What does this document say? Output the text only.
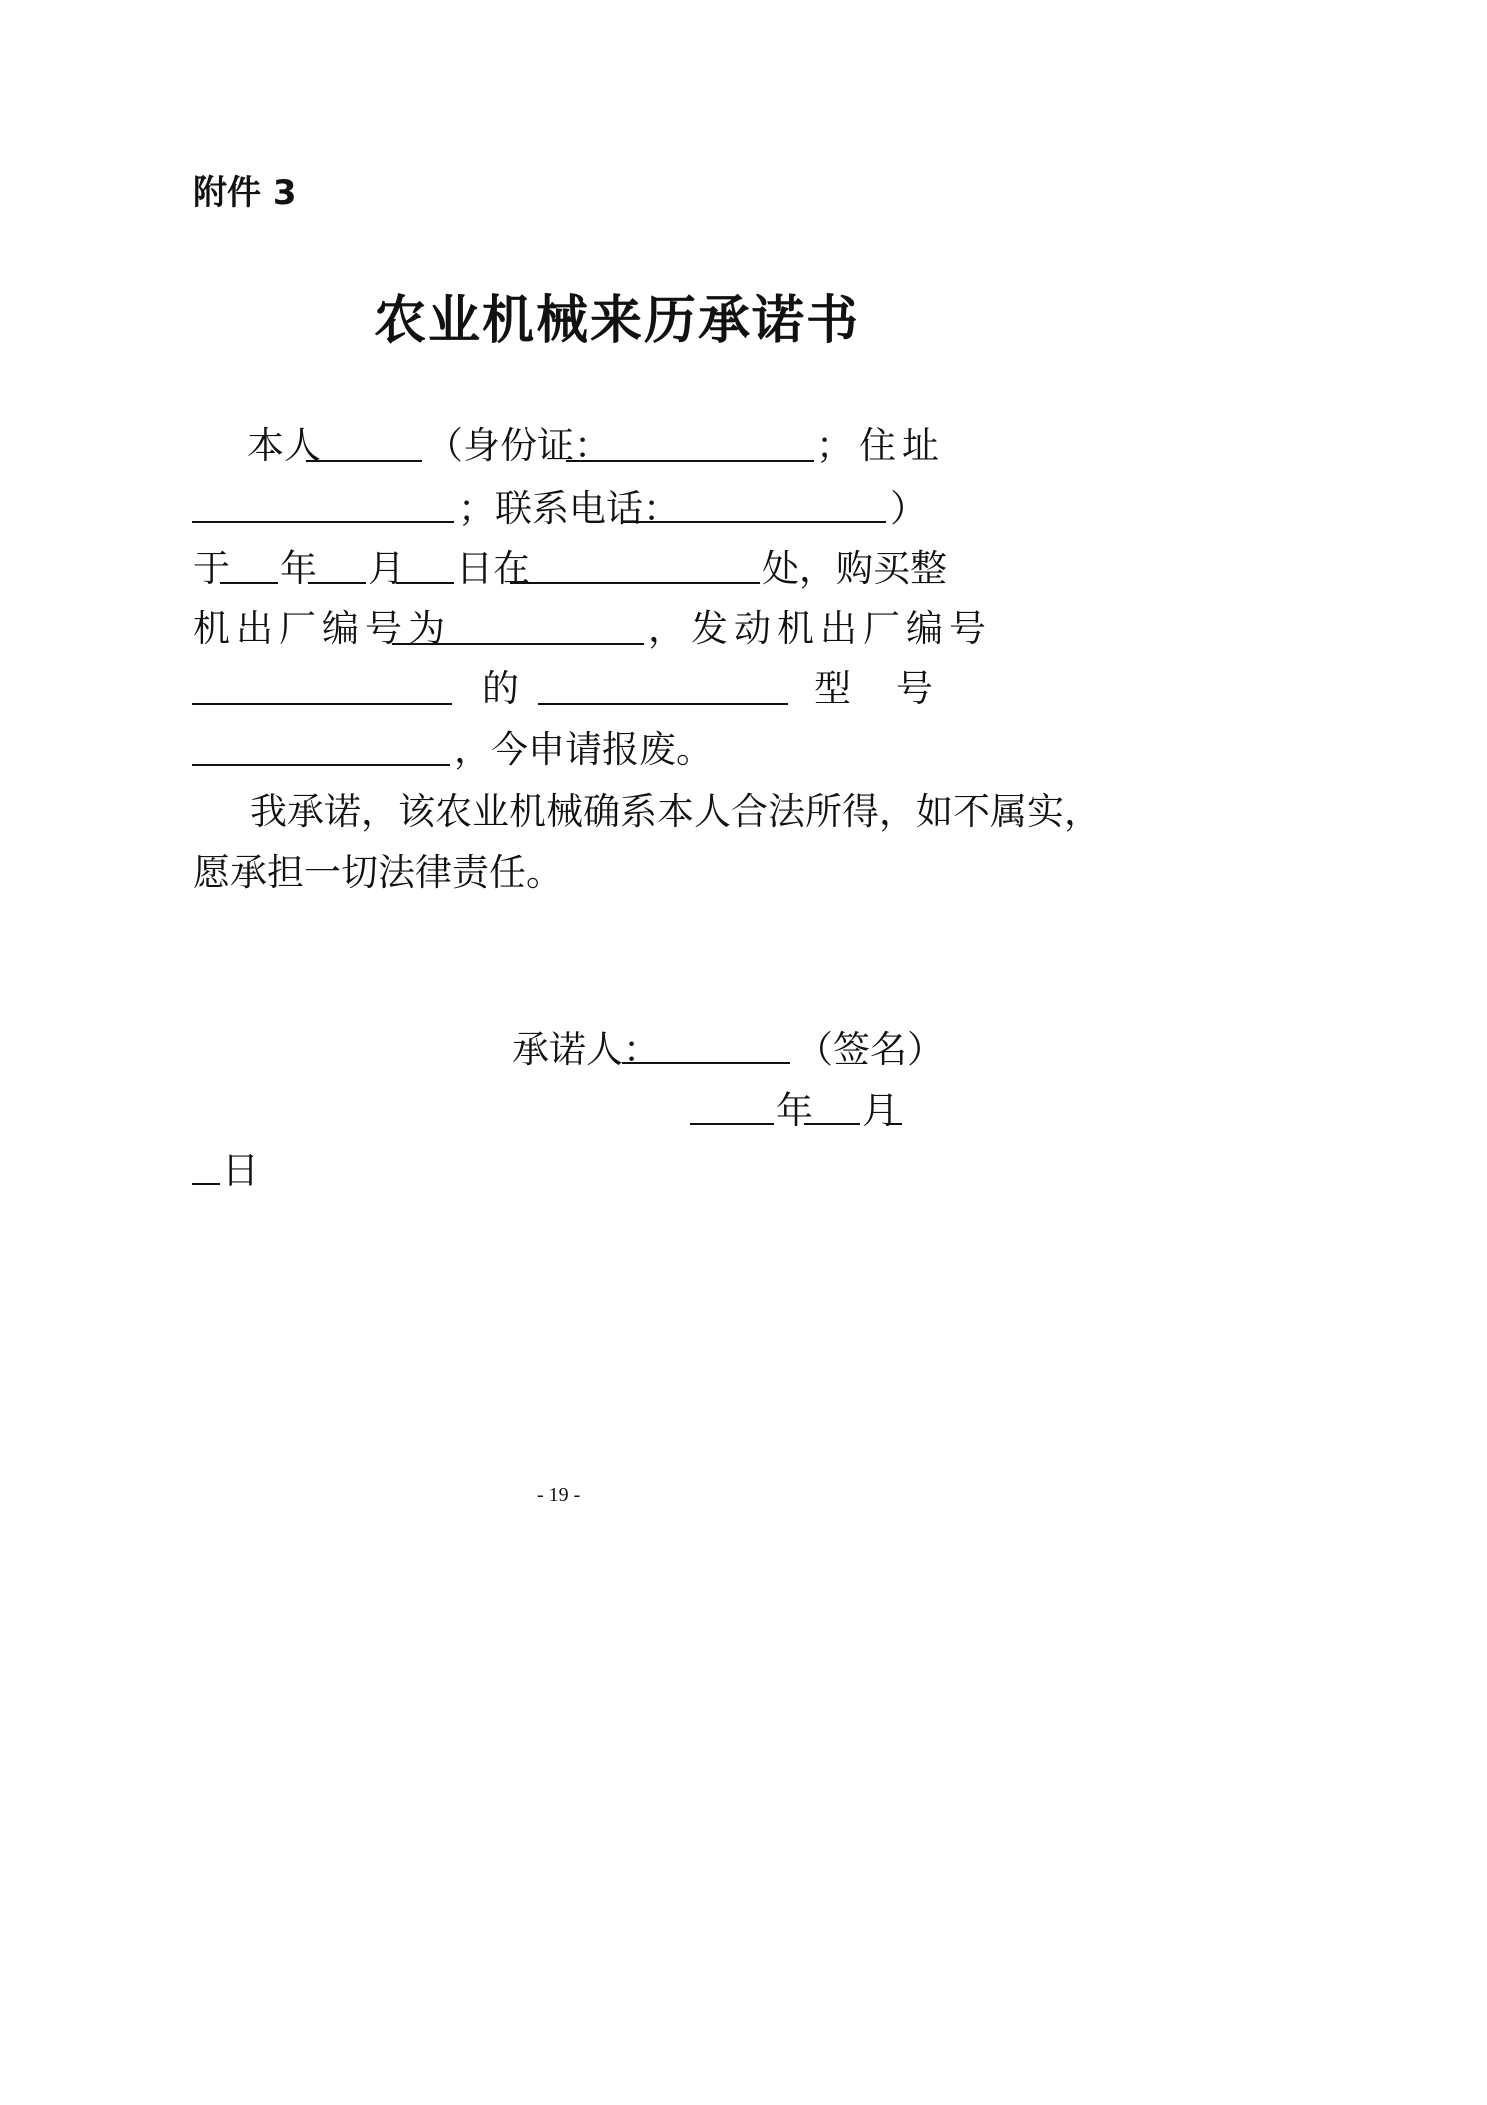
附件 3
农业机械来历承诺书
本人	（身份证：	；住址
；联系电话：	）
于 年 月 日在	处，购买整
机出厂编号为	，发动机出厂编号
的	型　号
，今申请报废。
我承诺，该农业机械确系本人合法所得，如不属实，
愿承担一切法律责任。
承诺人：	（签名）
年 月
日
- 19 -
